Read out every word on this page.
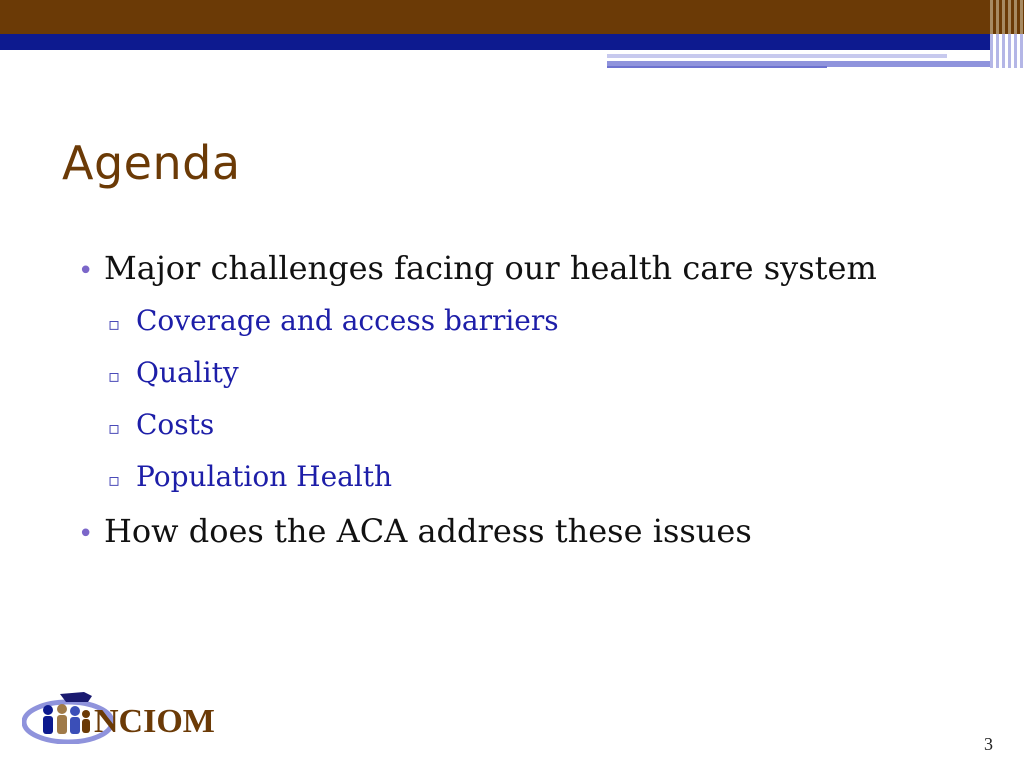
Agenda
• Major challenges facing our health care system
▫ Coverage and access barriers
▫ Quality
▫ Costs
▫ Population Health
• How does the ACA address these issues
NCIOM
3
